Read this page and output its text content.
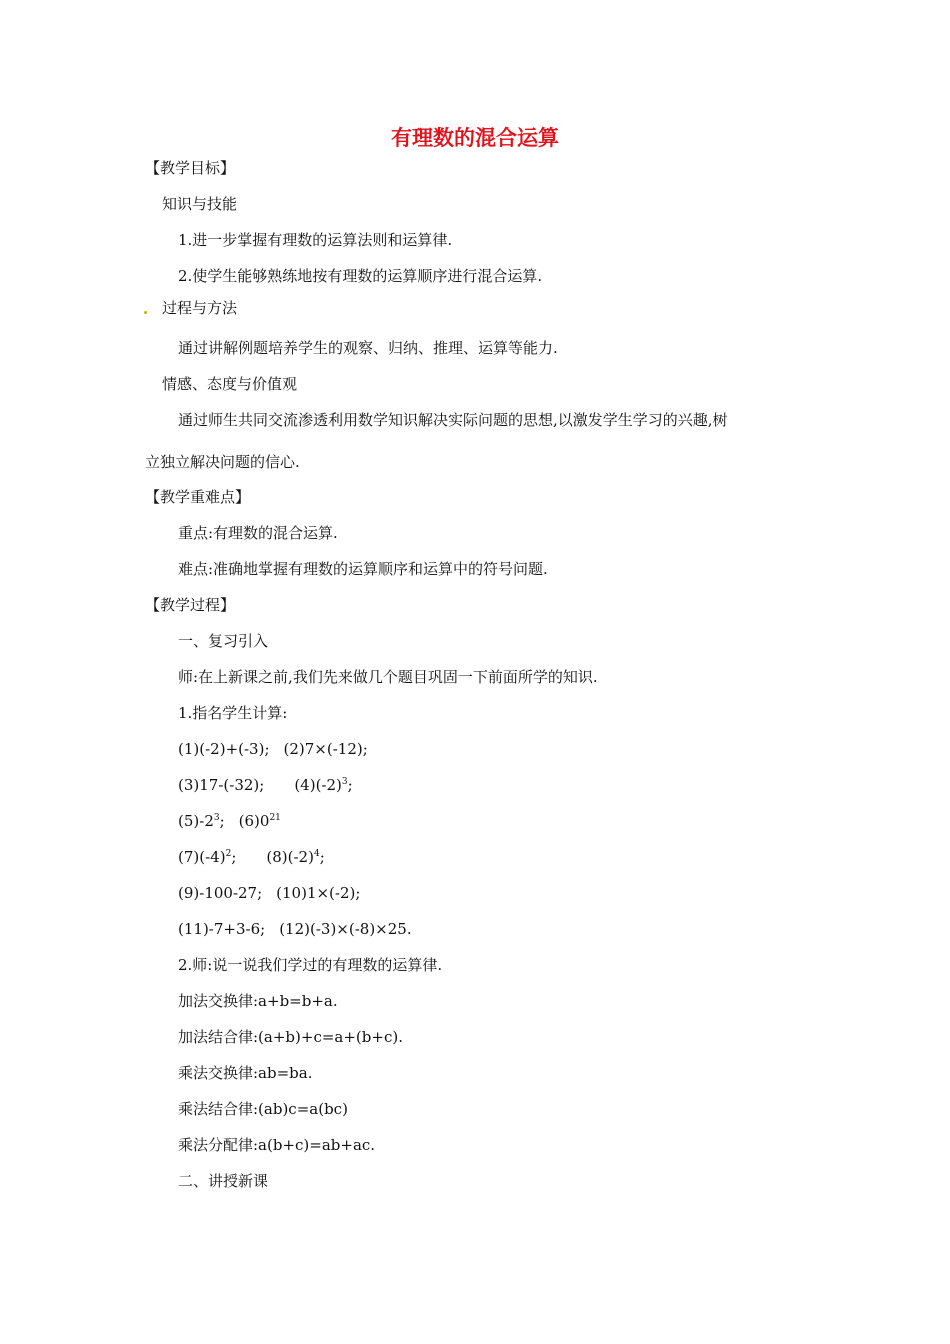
有理数的混合运算
【教学目标】
知识与技能
1.进一步掌握有理数的运算法则和运算律.
2.使学生能够熟练地按有理数的运算顺序进行混合运算.
过程与方法
通过讲解例题培养学生的观察、归纳、推理、运算等能力.
情感、态度与价值观
通过师生共同交流渗透利用数学知识解决实际问题的思想,以激发学生学习的兴趣,树
立独立解决问题的信心.
【教学重难点】
重点:有理数的混合运算.
难点:准确地掌握有理数的运算顺序和运算中的符号问题.
【教学过程】
一、复习引入
师:在上新课之前,我们先来做几个题目巩固一下前面所学的知识.
1.指名学生计算:
(1)(-2)+(-3); (2)7×(-12);
(3)17-(-32); $(4)(-2)^3$;
$(5)-2^3$; $(6)0^{21}$
$(7)(-4)^2$; $(8)(-2)^4$;
(9)-100-27; (10)1×(-2);
(11)-7+3-6; (12)(-3)×(-8)×25.
2.师:说一说我们学过的有理数的运算律.
加法交换律:a+b=b+a.
加法结合律:(a+b)+c=a+(b+c).
乘法交换律:ab=ba.
乘法结合律:(ab)c=a(bc)
乘法分配律:a(b+c)=ab+ac.
二、讲授新课
